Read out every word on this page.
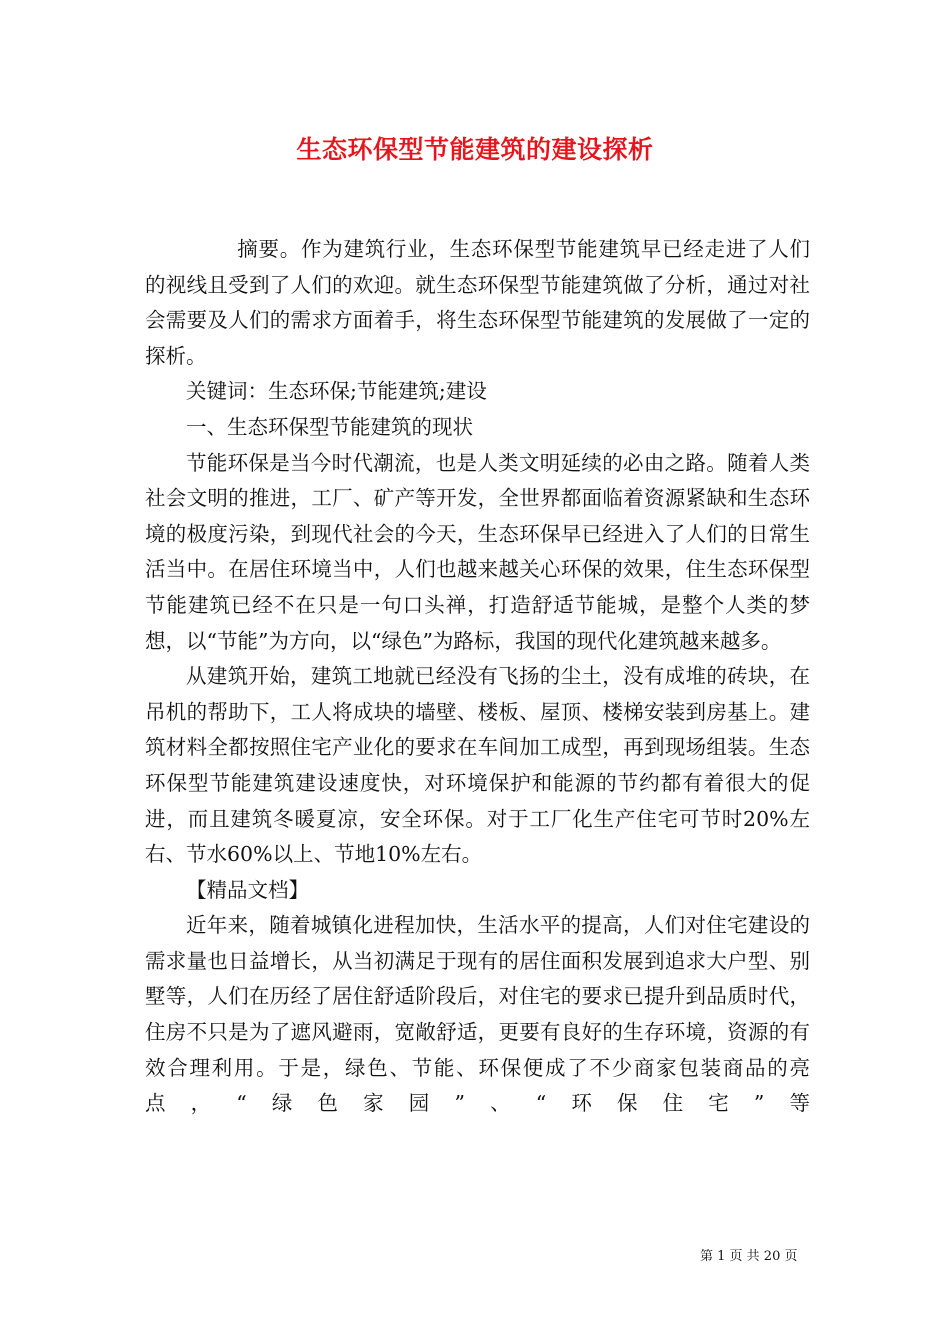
生态环保型节能建筑的建设探析

摘要。作为建筑行业，生态环保型节能建筑早已经走进了人们的视线且受到了人们的欢迎。就生态环保型节能建筑做了分析，通过对社会需要及人们的需求方面着手，将生态环保型节能建筑的发展做了一定的探析。

关键词：生态环保;节能建筑;建设

一、生态环保型节能建筑的现状

节能环保是当今时代潮流，也是人类文明延续的必由之路。随着人类社会文明的推进，工厂、矿产等开发，全世界都面临着资源紧缺和生态环境的极度污染，到现代社会的今天，生态环保早已经进入了人们的日常生活当中。在居住环境当中，人们也越来越关心环保的效果，住生态环保型节能建筑已经不在只是一句口头禅，打造舒适节能城，是整个人类的梦想，以“节能”为方向，以“绿色”为路标，我国的现代化建筑越来越多。

从建筑开始，建筑工地就已经没有飞扬的尘土，没有成堆的砖块，在吊机的帮助下，工人将成块的墙壁、楼板、屋顶、楼梯安装到房基上。建筑材料全都按照住宅产业化的要求在车间加工成型，再到现场组装。生态环保型节能建筑建设速度快，对环境保护和能源的节约都有着很大的促进，而且建筑冬暖夏凉，安全环保。对于工厂化生产住宅可节时20%左右、节水60%以上、节地10%左右。

【精品文档】

近年来，随着城镇化进程加快，生活水平的提高，人们对住宅建设的需求量也日益增长，从当初满足于现有的居住面积发展到追求大户型、别墅等，人们在历经了居住舒适阶段后，对住宅的要求已提升到品质时代，住房不只是为了遮风避雨，宽敞舒适，更要有良好的生存环境，资源的有效合理利用。于是，绿色、节能、环保便成了不少商家包装商品的亮点，“绿色家园”、“环保住宅”等

第 1 页 共 20 页
